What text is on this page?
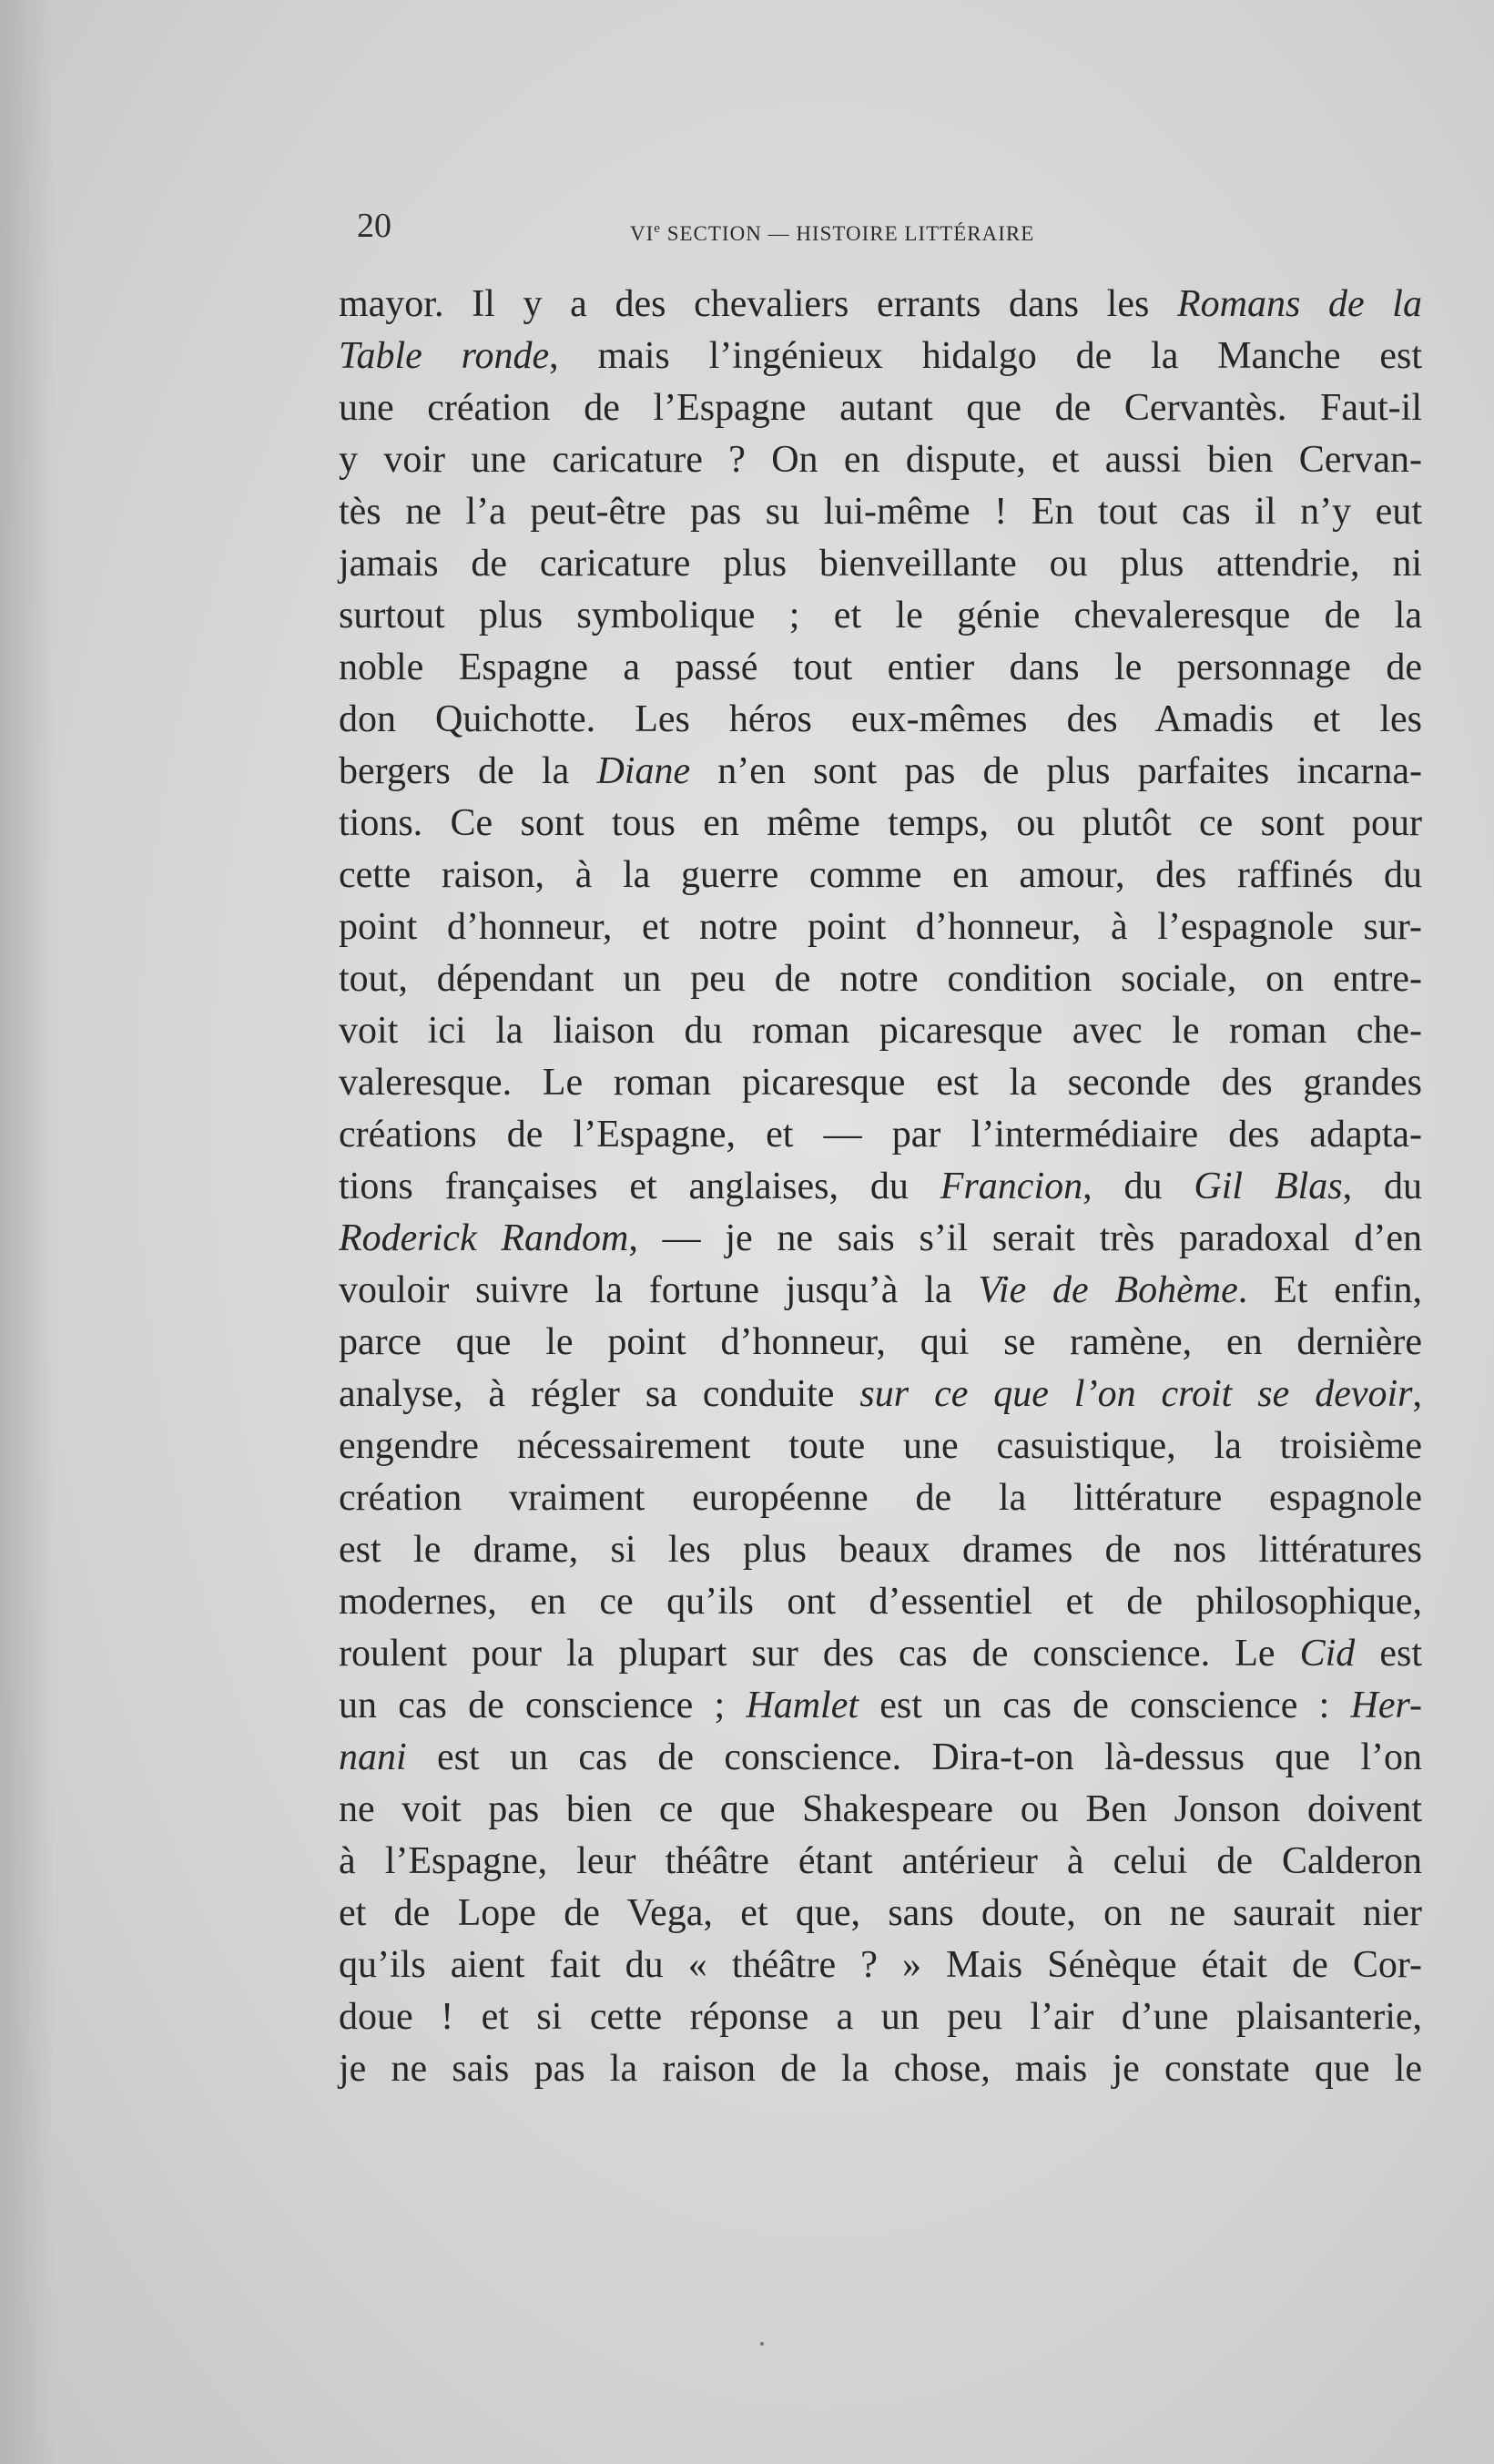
20	VIe SECTION — HISTOIRE LITTÉRAIRE
mayor. Il y a des chevaliers errants dans les Romans de la
Table ronde, mais l’ingénieux hidalgo de la Manche est
une création de l’Espagne autant que de Cervantès. Faut-il
y voir une caricature ? On en dispute, et aussi bien Cervan-
tès ne l’a peut-être pas su lui-même ! En tout cas il n’y eut
jamais de caricature plus bienveillante ou plus attendrie, ni
surtout plus symbolique ; et le génie chevaleresque de la
noble Espagne a passé tout entier dans le personnage de
don Quichotte. Les héros eux-mêmes des Amadis et les
bergers de la Diane n’en sont pas de plus parfaites incarna-
tions. Ce sont tous en même temps, ou plutôt ce sont pour
cette raison, à la guerre comme en amour, des raffinés du
point d’honneur, et notre point d’honneur, à l’espagnole sur-
tout, dépendant un peu de notre condition sociale, on entre-
voit ici la liaison du roman picaresque avec le roman che-
valeresque. Le roman picaresque est la seconde des grandes
créations de l’Espagne, et — par l’intermédiaire des adapta-
tions françaises et anglaises, du Francion, du Gil Blas, du
Roderick Random, — je ne sais s’il serait très paradoxal d’en
vouloir suivre la fortune jusqu’à la Vie de Bohème. Et enfin,
parce que le point d’honneur, qui se ramène, en dernière
analyse, à régler sa conduite sur ce que l’on croit se devoir,
engendre nécessairement toute une casuistique, la troisième
création vraiment européenne de la littérature espagnole
est le drame, si les plus beaux drames de nos littératures
modernes, en ce qu’ils ont d’essentiel et de philosophique,
roulent pour la plupart sur des cas de conscience. Le Cid est
un cas de conscience ; Hamlet est un cas de conscience : Her-
nani est un cas de conscience. Dira-t-on là-dessus que l’on
ne voit pas bien ce que Shakespeare ou Ben Jonson doivent
à l’Espagne, leur théâtre étant antérieur à celui de Calderon
et de Lope de Vega, et que, sans doute, on ne saurait nier
qu’ils aient fait du « théâtre ? » Mais Sénèque était de Cor-
doue ! et si cette réponse a un peu l’air d’une plaisanterie,
je ne sais pas la raison de la chose, mais je constate que le
